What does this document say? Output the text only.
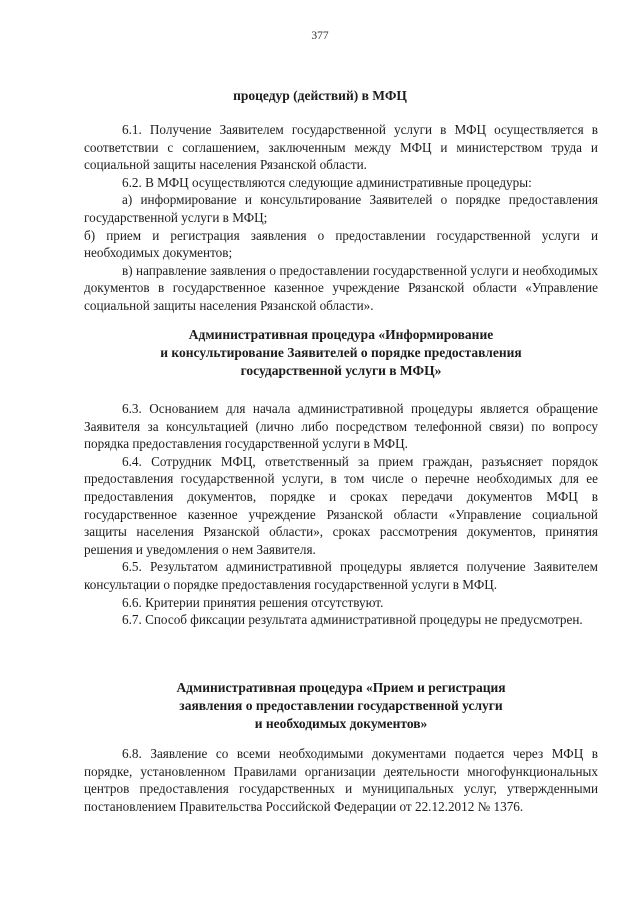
377
процедур (действий) в МФЦ

6.1. Получение Заявителем государственной услуги в МФЦ осуществляется в соответствии с соглашением, заключенным между МФЦ и министерством труда и социальной защиты населения Рязанской области.

6.2. В МФЦ осуществляются следующие административные процедуры:

а) информирование и консультирование Заявителей о порядке предоставления государственной услуги в МФЦ;

б) прием и регистрация заявления о предоставлении государственной услуги и необходимых документов;

в) направление заявления о предоставлении государственной услуги и необходимых документов в государственное казенное учреждение Рязанской области «Управление социальной защиты населения Рязанской области».

Административная процедура «Информирование

и консультирование Заявителей о порядке предоставления

государственной услуги в МФЦ»

6.3. Основанием для начала административной процедуры является обращение Заявителя за консультацией (лично либо посредством телефонной связи) по вопросу порядка предоставления государственной услуги в МФЦ.

6.4. Сотрудник МФЦ, ответственный за прием граждан, разъясняет порядок предоставления государственной услуги, в том числе о перечне необходимых для ее предоставления документов, порядке и сроках передачи документов МФЦ в государственное казенное учреждение Рязанской области «Управление социальной защиты населения Рязанской области», сроках рассмотрения документов, принятия решения и уведомления о нем Заявителя.

6.5. Результатом административной процедуры является получение Заявителем консультации о порядке предоставления государственной услуги в МФЦ.

6.6. Критерии принятия решения отсутствуют.

6.7. Способ фиксации результата административной процедуры не предусмотрен.

Административная процедура «Прием и регистрация

заявления о предоставлении государственной услуги

и необходимых документов»

6.8. Заявление со всеми необходимыми документами подается через МФЦ в порядке, установленном Правилами организации деятельности многофункциональных центров предоставления государственных и муниципальных услуг, утвержденными постановлением Правительства Российской Федерации от 22.12.2012 № 1376.
